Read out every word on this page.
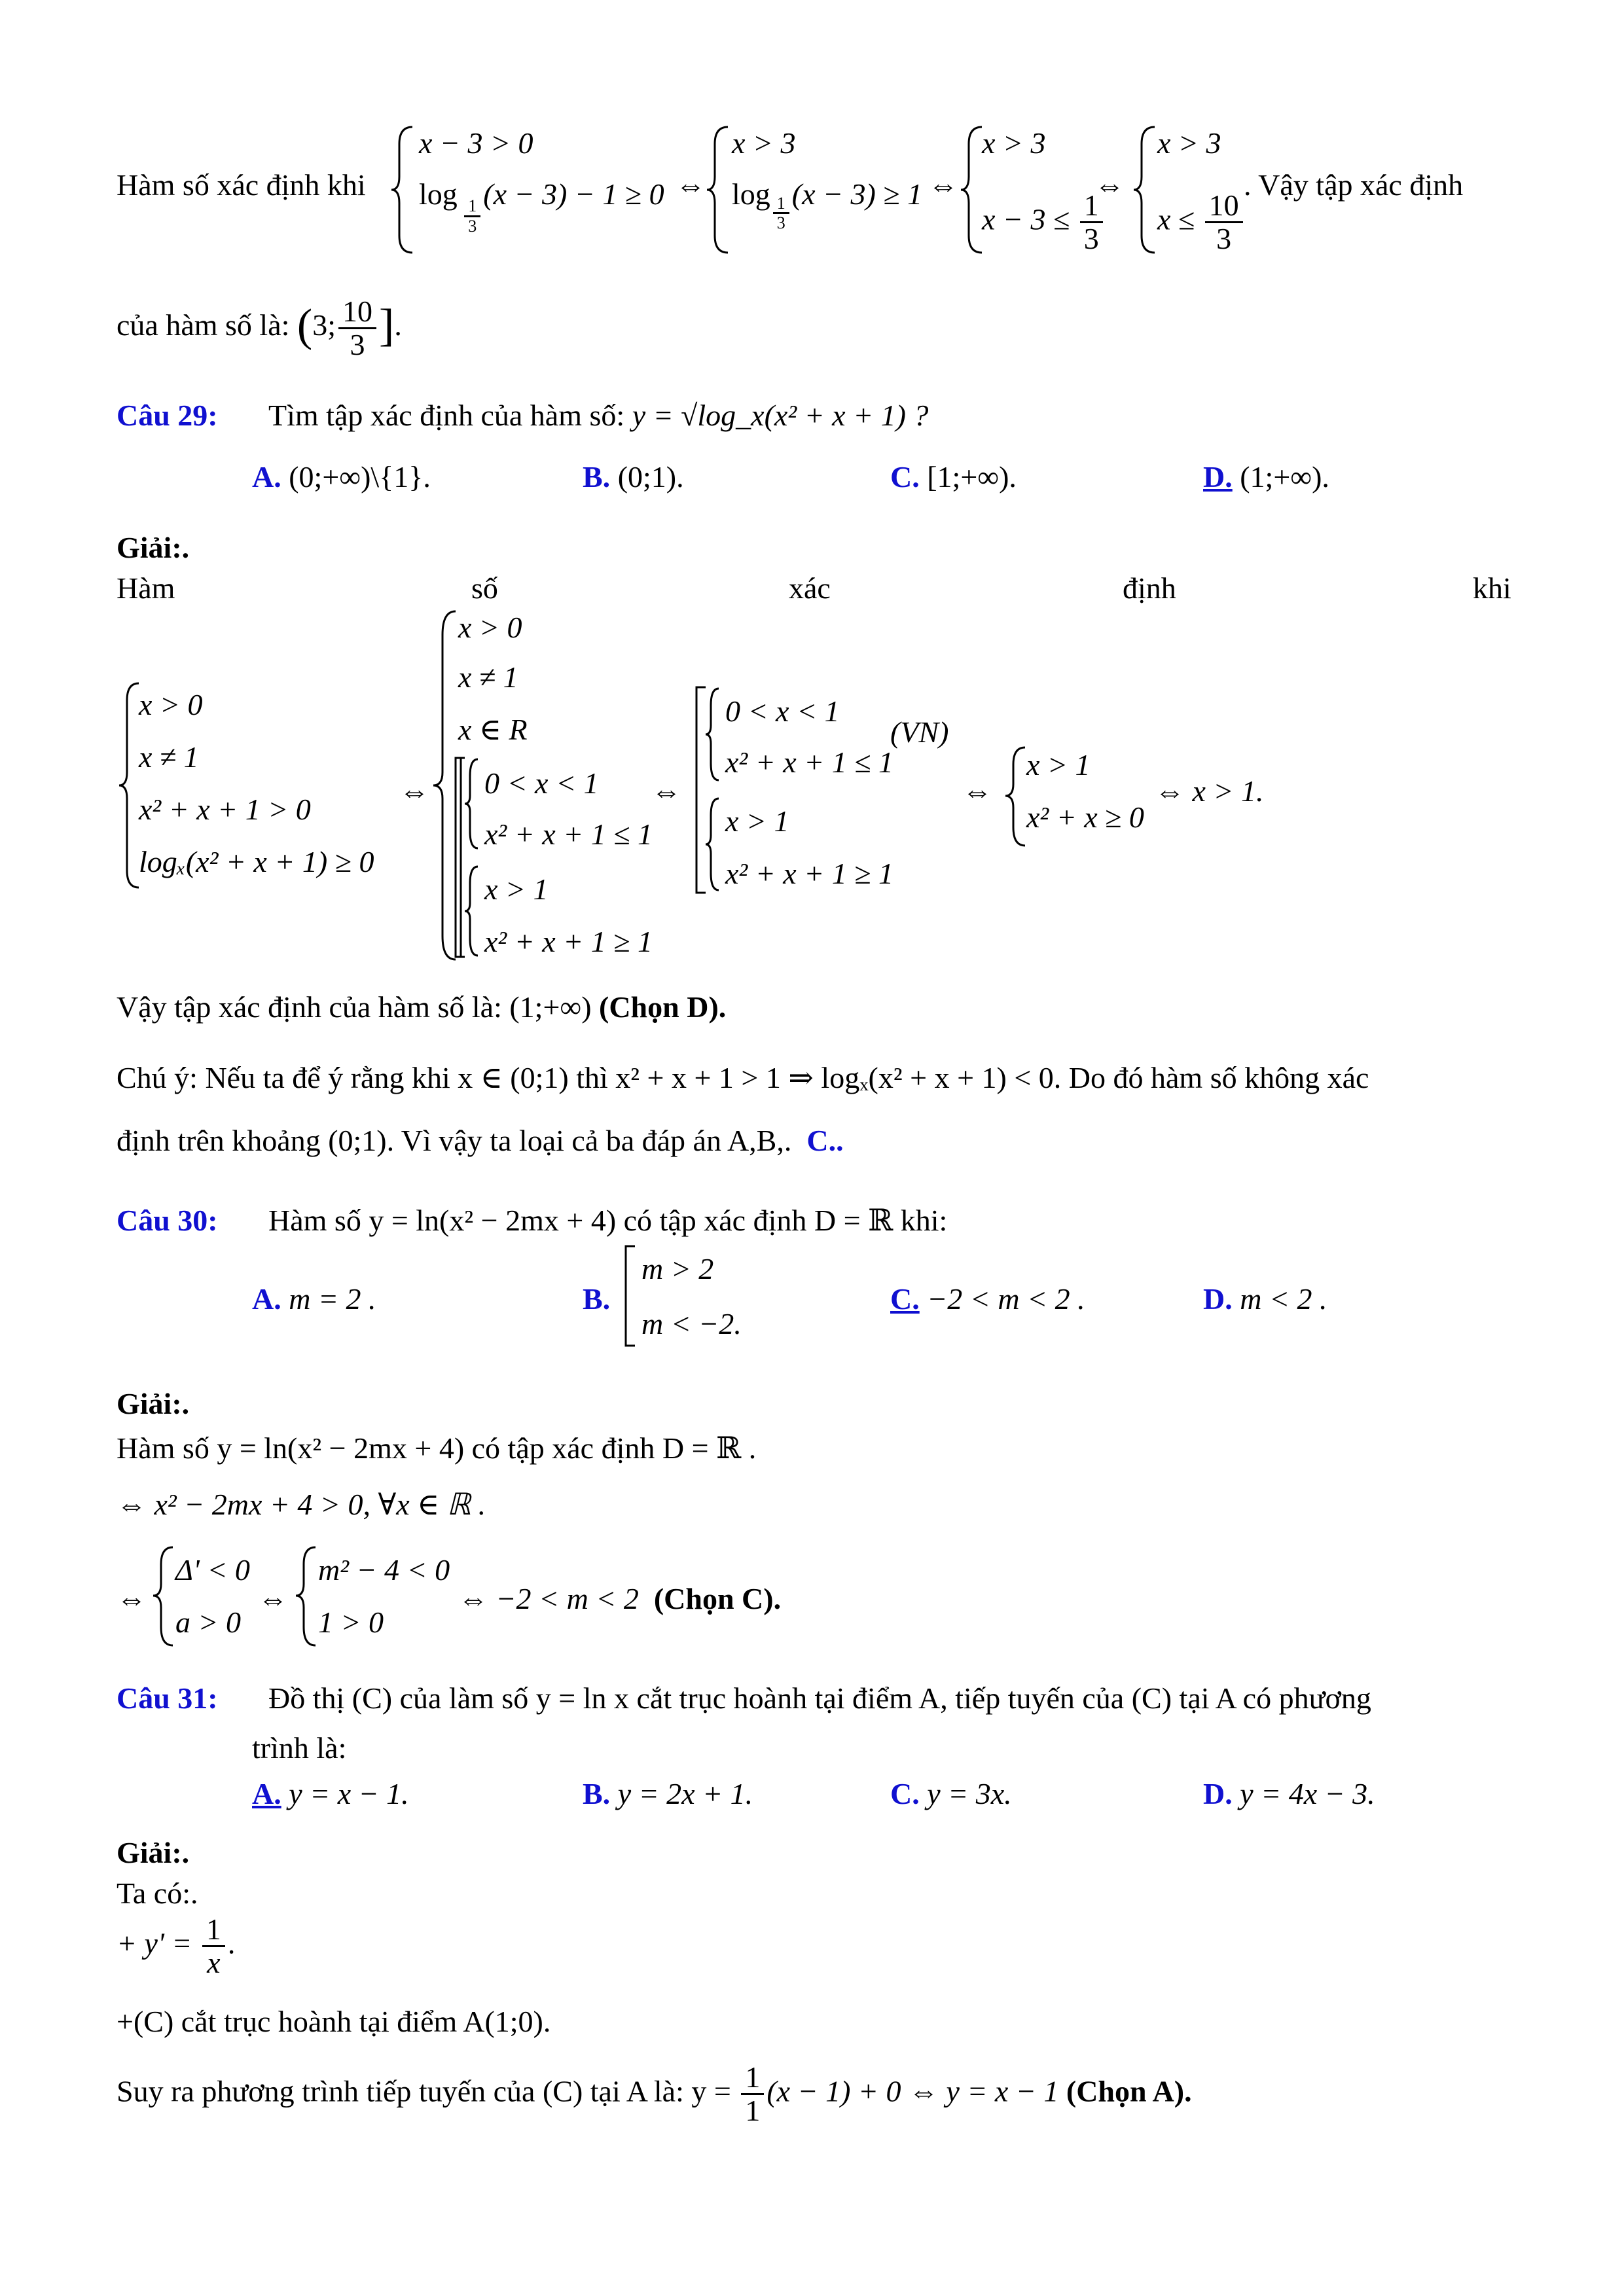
Hàm số xác định khi
x − 3 > 0
log
$_{\frac{1}{3}}$
(x − 3) − 1 ≥ 0 ⇔
x > 3
log
$\frac{1}{3}$
(x − 3) ≥ 1 ⇔
x > 3
$x - 3 \le \frac{1}{3}$
⇔
x > 3
$x \le \frac{10}{3}$
. Vậy tập xác định
của hàm số là: (3; $\frac{10}{3}$ ].
Câu 29: Tìm tập xác định của hàm số: y = √log_x(x² + x + 1) ?
A. (0;+∞)\{1}.	B. (0;1).	C. [1;+∞).	D. (1;+∞).
Giải:.
Hàm	số	xác	định	khi
x > 0
x ≠ 1
x² + x + 1 > 0
logₓ(x² + x + 1) ≥ 0
⇔
x > 0
x ≠ 1
x ∈ R
0 < x < 1
x² + x + 1 ≤ 1
x > 1
x² + x + 1 ≥ 1
⇔
0 < x < 1
x² + x + 1 ≤ 1
(VN)
x > 1
x² + x + 1 ≥ 1
⇔
x > 1
x² + x ≥ 0
⇔ x > 1.
Vậy tập xác định của hàm số là: (1;+∞) (Chọn D).
Chú ý: Nếu ta để ý rằng khi x ∈ (0;1) thì x² + x + 1 > 1 ⇒ logₓ(x² + x + 1) < 0. Do đó hàm số không xác
định trên khoảng (0;1). Vì vậy ta loại cả ba đáp án A,B,. C..
Câu 30: Hàm số y = ln(x² − 2mx + 4) có tập xác định D = ℝ khi:
A. m = 2 .	B.
m > 2
m < −2.
C. −2 < m < 2 .	D. m < 2 .
Giải:.
Hàm số y = ln(x² − 2mx + 4) có tập xác định D = ℝ .
⇔ x² − 2mx + 4 > 0, ∀x ∈ ℝ .
⇔
Δ' < 0
a > 0
⇔
m² − 4 < 0
1 > 0
⇔ −2 < m < 2 (Chọn C).
Câu 31: Đồ thị (C) của làm số y = ln x cắt trục hoành tại điểm A, tiếp tuyến của (C) tại A có phương
trình là:
A. y = x − 1.	B. y = 2x + 1.	C. y = 3x.	D. y = 4x − 3.
Giải:.
Ta có:.
+ $y' = \frac{1}{x}$ .
+(C) cắt trục hoành tại điểm A(1;0).
Suy ra phương trình tiếp tuyến của (C) tại A là: $y = \frac{1}{1} (x - 1) + 0$ ⇔ y = x − 1 (Chọn A).
